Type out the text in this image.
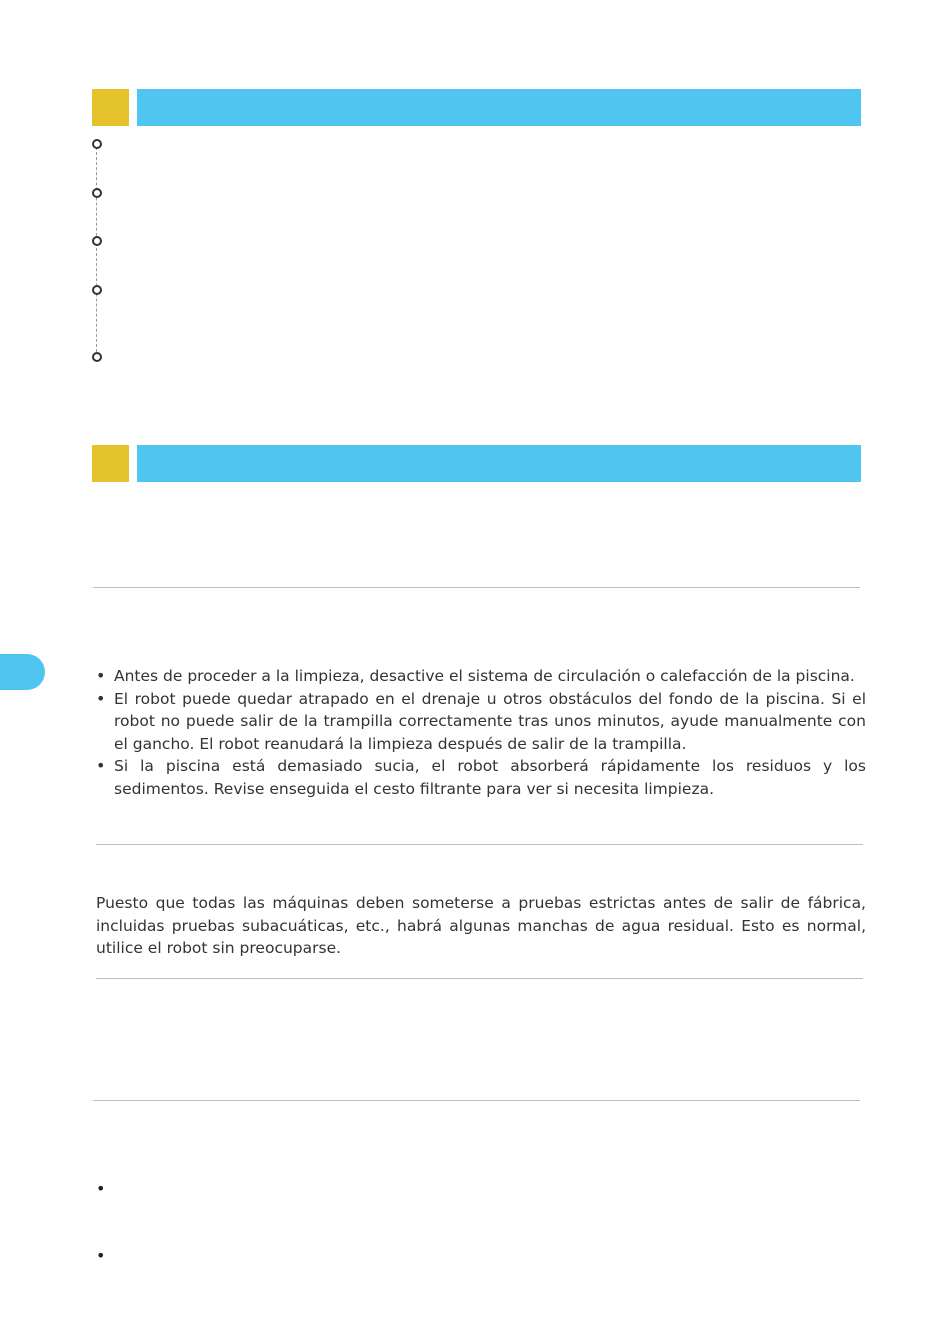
• Antes de proceder a la limpieza, desactive el sistema de circulación o calefacción de la piscina.
• El robot puede quedar atrapado en el drenaje u otros obstáculos del fondo de la piscina. Si el robot no puede salir de la trampilla correctamente tras unos minutos, ayude manualmente con el gancho. El robot reanudará la limpieza después de salir de la trampilla.
• Si la piscina está demasiado sucia, el robot absorberá rápidamente los residuos y los sedimentos. Revise enseguida el cesto filtrante para ver si necesita limpieza.

Puesto que todas las máquinas deben someterse a pruebas estrictas antes de salir de fábrica, incluidas pruebas subacuáticas, etc., habrá algunas manchas de agua residual. Esto es normal, utilice el robot sin preocuparse.

•
•
